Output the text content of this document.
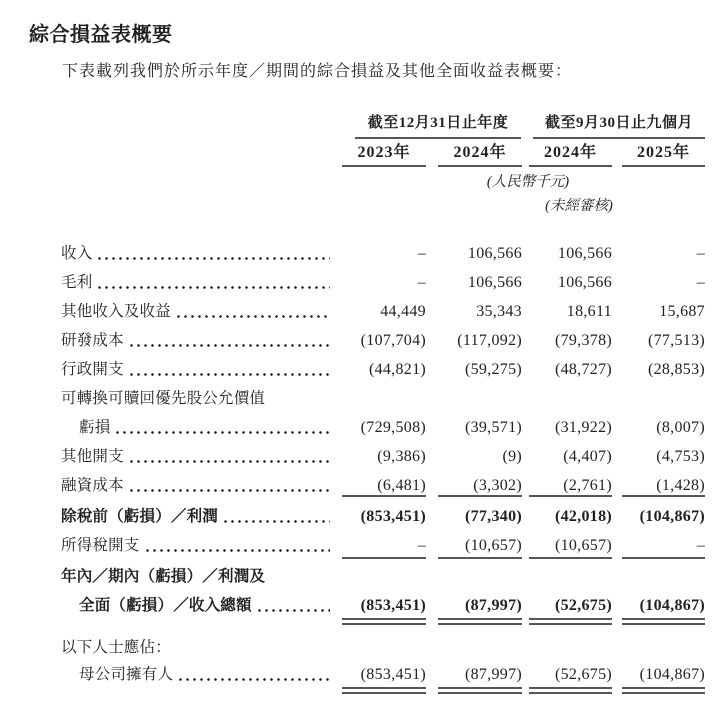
綜合損益表概要

下表載列我們於所示年度／期間的綜合損益及其他全面收益表概要：

截至12月31日止年度	截至9月30日止九個月
2023年	2024年	2024年	2025年
(人民幣千元)
(未經審核)
收入	–	106,566	106,566	–
毛利	–	106,566	106,566	–
其他收入及收益	44,449	35,343	18,611	15,687
研發成本	(107,704)	(117,092)	(79,378)	(77,513)
行政開支	(44,821)	(59,275)	(48,727)	(28,853)
可轉換可贖回優先股公允價值
虧損	(729,508)	(39,571)	(31,922)	(8,007)
其他開支	(9,386)	(9)	(4,407)	(4,753)
融資成本	(6,481)	(3,302)	(2,761)	(1,428)
除稅前（虧損）／利潤	(853,451)	(77,340)	(42,018)	(104,867)
所得稅開支	–	(10,657)	(10,657)	–
年內／期內（虧損）／利潤及
全面（虧損）／收入總額	(853,451)	(87,997)	(52,675)	(104,867)
以下人士應佔：
母公司擁有人	(853,451)	(87,997)	(52,675)	(104,867)
